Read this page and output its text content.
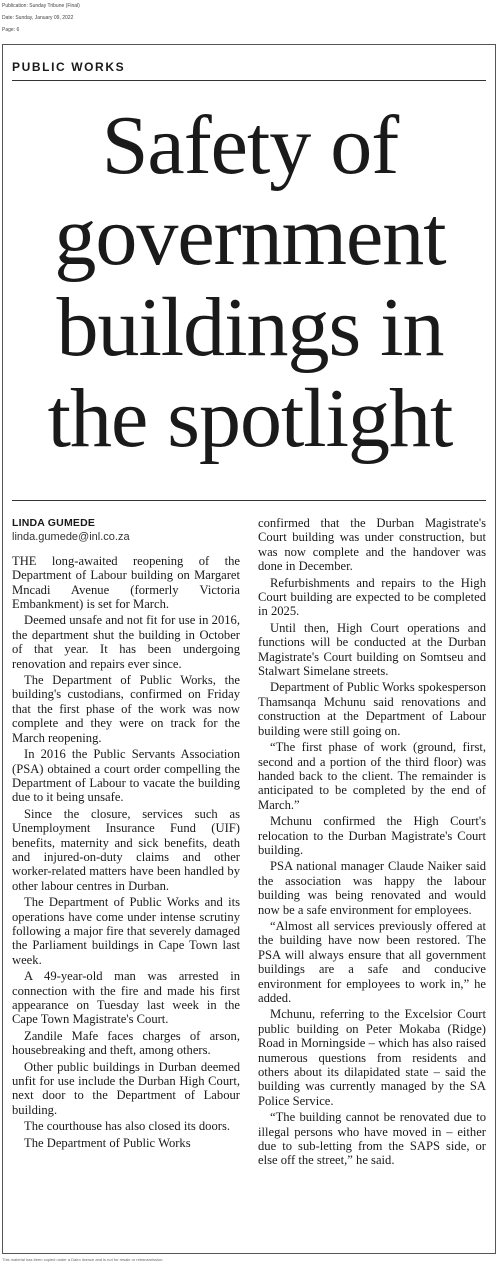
Publication: Sunday Tribune (Final)
Date: Sunday, January 09, 2022
Page: 6
PUBLIC WORKS
Safety of
government
buildings in
the spotlight
LINDA GUMEDE
linda.gumede@inl.co.za

THE long-awaited reopening of the Department of Labour building on Margaret Mncadi Avenue (formerly Victoria Embankment) is set for March.

Deemed unsafe and not fit for use in 2016, the department shut the building in October of that year. It has been undergoing renovation and repairs ever since.

The Department of Public Works, the building's custodians, confirmed on Friday that the first phase of the work was now complete and they were on track for the March reopening.

In 2016 the Public Servants Association (PSA) obtained a court order compelling the Department of Labour to vacate the building due to it being unsafe.

Since the closure, services such as Unemployment Insurance Fund (UIF) benefits, maternity and sick benefits, death and injured-on-duty claims and other worker-related matters have been handled by other labour centres in Durban.

The Department of Public Works and its operations have come under intense scrutiny following a major fire that severely damaged the Parliament buildings in Cape Town last week.

A 49-year-old man was arrested in connection with the fire and made his first appearance on Tuesday last week in the Cape Town Magistrate's Court.

Zandile Mafe faces charges of arson, housebreaking and theft, among others.

Other public buildings in Durban deemed unfit for use include the Durban High Court, next door to the Department of Labour building.

The courthouse has also closed its doors.

The Department of Public Works

confirmed that the Durban Magistrate's Court building was under construction, but was now complete and the handover was done in December.

Refurbishments and repairs to the High Court building are expected to be completed in 2025.

Until then, High Court operations and functions will be conducted at the Durban Magistrate's Court building on Somtseu and Stalwart Simelane streets.

Department of Public Works spokesperson Thamsanqa Mchunu said renovations and construction at the Department of Labour building were still going on.

“The first phase of work (ground, first, second and a portion of the third floor) was handed back to the client. The remainder is anticipated to be completed by the end of March.”

Mchunu confirmed the High Court's relocation to the Durban Magistrate's Court building.

PSA national manager Claude Naiker said the association was happy the labour building was being renovated and would now be a safe environment for employees.

“Almost all services previously offered at the building have now been restored. The PSA will always ensure that all government buildings are a safe and conducive environment for employees to work in,” he added.

Mchunu, referring to the Excelsior Court public building on Peter Mokaba (Ridge) Road in Morningside – which has also raised numerous questions from residents and others about its dilapidated state – said the building was currently managed by the SA Police Service.

“The building cannot be renovated due to illegal persons who have moved in – either due to sub-letting from the SAPS side, or else off the street,” he said.

This material has been copied under a Dalro licence and is not for resale or retransmission.
